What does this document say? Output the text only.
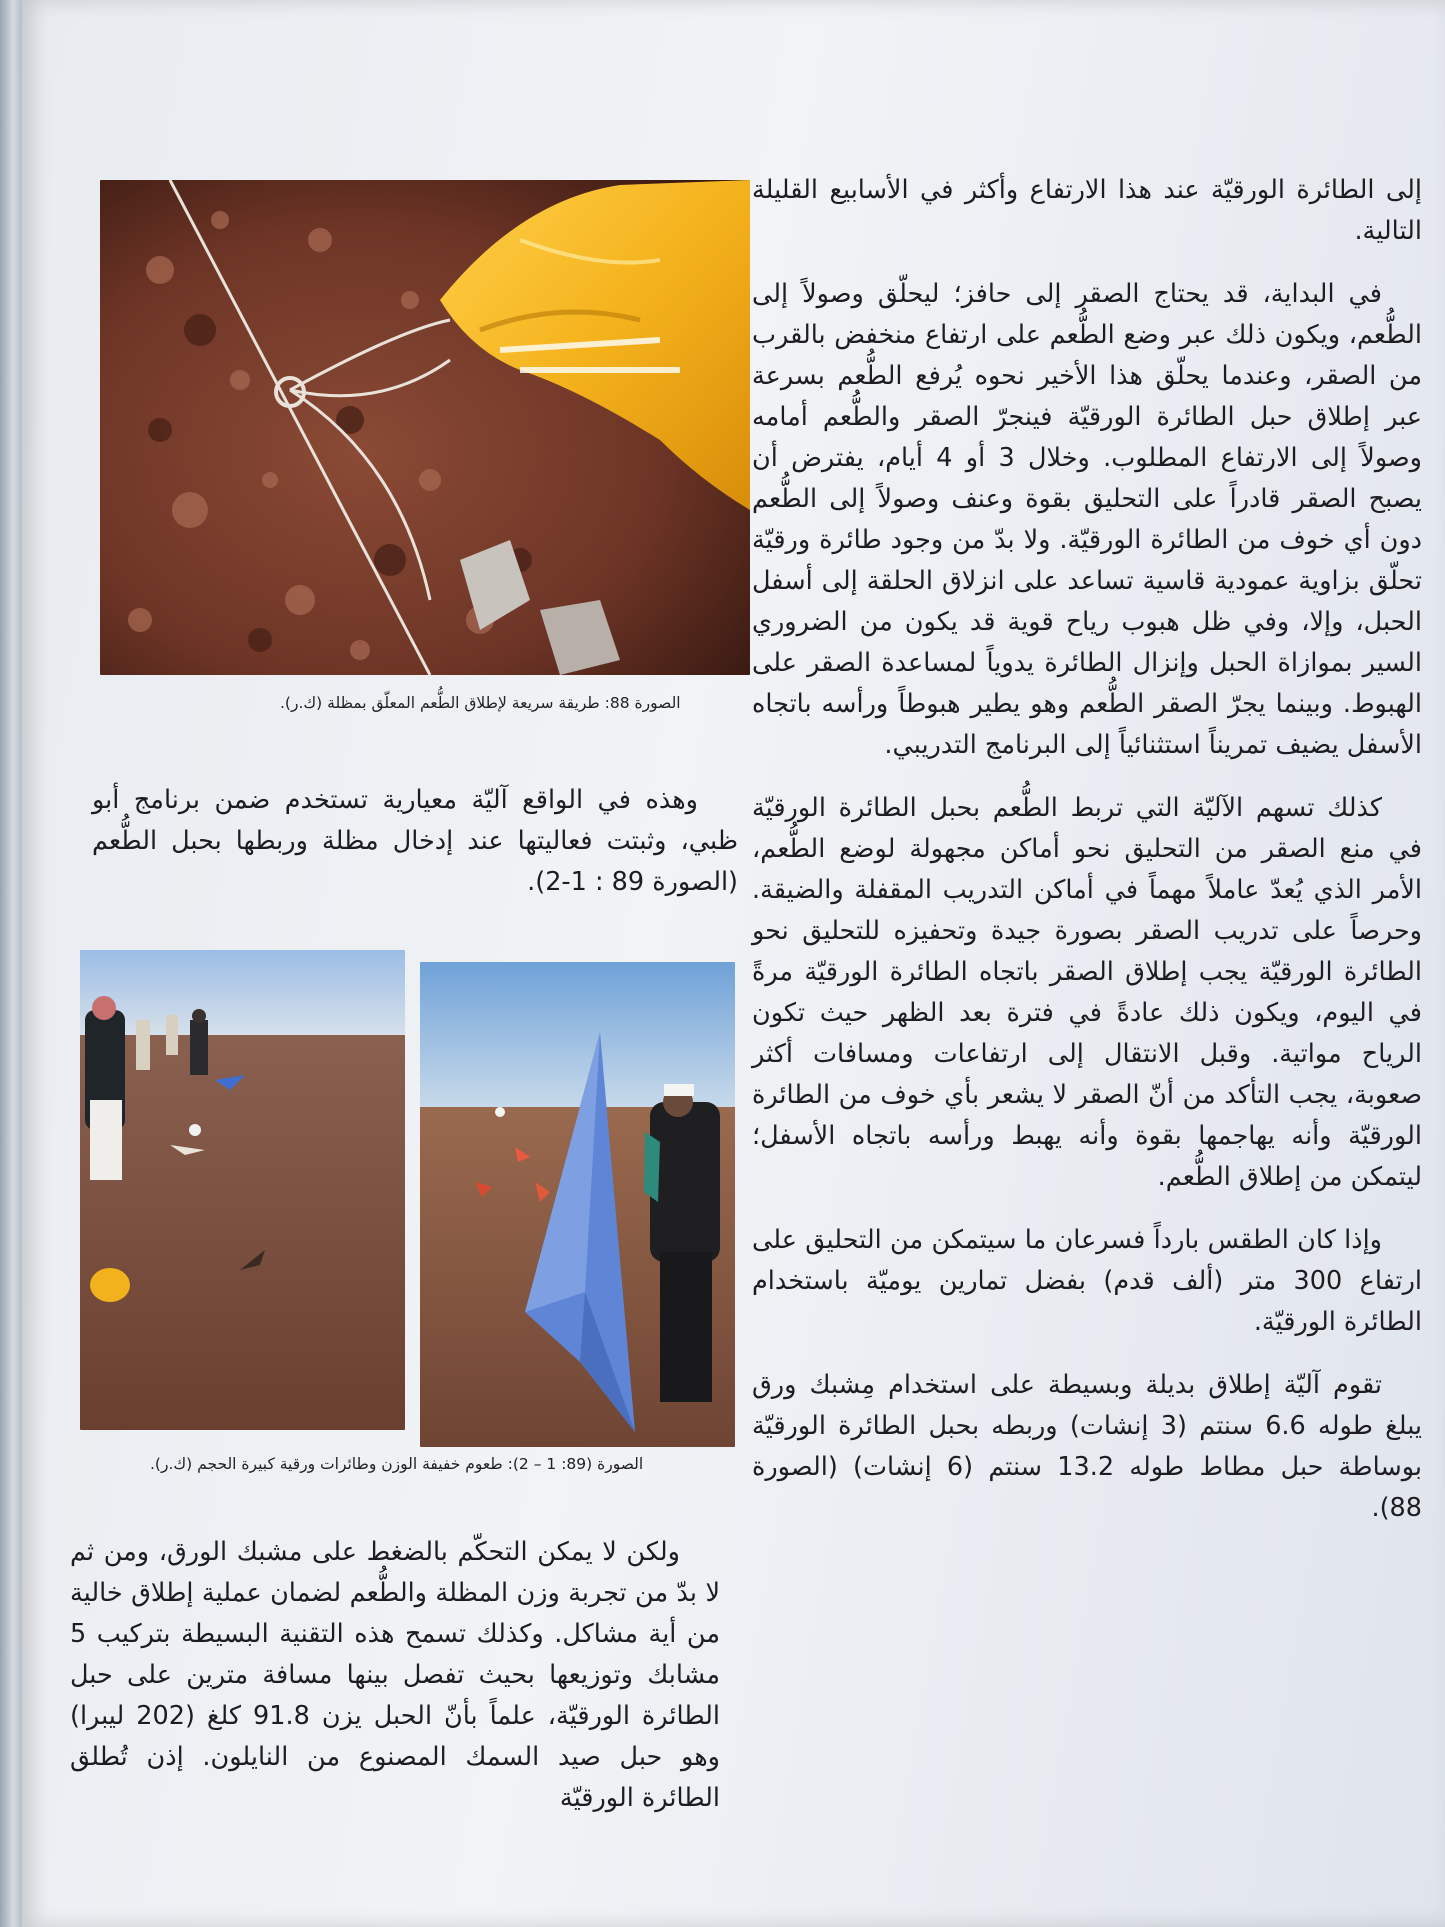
إلى الطائرة الورقيّة عند هذا الارتفاع وأكثر في الأسابيع القليلة التالية.

في البداية، قد يحتاج الصقر إلى حافز؛ ليحلّق وصولاً إلى الطُّعم، ويكون ذلك عبر وضع الطُّعم على ارتفاع منخفض بالقرب من الصقر، وعندما يحلّق هذا الأخير نحوه يُرفع الطُّعم بسرعة عبر إطلاق حبل الطائرة الورقيّة فينجرّ الصقر والطُّعم أمامه وصولاً إلى الارتفاع المطلوب. وخلال 3 أو 4 أيام، يفترض أن يصبح الصقر قادراً على التحليق بقوة وعنف وصولاً إلى الطُّعم دون أي خوف من الطائرة الورقيّة. ولا بدّ من وجود طائرة ورقيّة تحلّق بزاوية عمودية قاسية تساعد على انزلاق الحلقة إلى أسفل الحبل، وإلا، وفي ظل هبوب رياح قوية قد يكون من الضروري السير بموازاة الحبل وإنزال الطائرة يدوياً لمساعدة الصقر على الهبوط. وبينما يجرّ الصقر الطُّعم وهو يطير هبوطاً ورأسه باتجاه الأسفل يضيف تمريناً استثنائياً إلى البرنامج التدريبي.

كذلك تسهم الآليّة التي تربط الطُّعم بحبل الطائرة الورقيّة في منع الصقر من التحليق نحو أماكن مجهولة لوضع الطُّعم، الأمر الذي يُعدّ عاملاً مهماً في أماكن التدريب المقفلة والضيقة. وحرصاً على تدريب الصقر بصورة جيدة وتحفيزه للتحليق نحو الطائرة الورقيّة يجب إطلاق الصقر باتجاه الطائرة الورقيّة مرةً في اليوم، ويكون ذلك عادةً في فترة بعد الظهر حيث تكون الرياح مواتية. وقبل الانتقال إلى ارتفاعات ومسافات أكثر صعوبة، يجب التأكد من أنّ الصقر لا يشعر بأي خوف من الطائرة الورقيّة وأنه يهاجمها بقوة وأنه يهبط ورأسه باتجاه الأسفل؛ ليتمكن من إطلاق الطُّعم.

وإذا كان الطقس بارداً فسرعان ما سيتمكن من التحليق على ارتفاع 300 متر (ألف قدم) بفضل تمارين يوميّة باستخدام الطائرة الورقيّة.

تقوم آليّة إطلاق بديلة وبسيطة على استخدام مِشبك ورق يبلغ طوله 6.6 سنتم (3 إنشات) وربطه بحبل الطائرة الورقيّة بوساطة حبل مطاط طوله 13.2 سنتم (6 إنشات) (الصورة 88).

الصورة 88: طريقة سريعة لإطلاق الطُّعم المعلّق بمظلة (ك.ر).

وهذه في الواقع آليّة معيارية تستخدم ضمن برنامج أبو ظبي، وثبتت فعاليتها عند إدخال مظلة وربطها بحبل الطُّعم (الصورة 89 : 1-2).

الصورة (89: 1 – 2): طعوم خفيفة الوزن وطائرات ورقية كبيرة الحجم (ك.ر).

ولكن لا يمكن التحكّم بالضغط على مشبك الورق، ومن ثم لا بدّ من تجربة وزن المظلة والطُّعم لضمان عملية إطلاق خالية من أية مشاكل. وكذلك تسمح هذه التقنية البسيطة بتركيب 5 مشابك وتوزيعها بحيث تفصل بينها مسافة مترين على حبل الطائرة الورقيّة، علماً بأنّ الحبل يزن 91.8 كلغ (202 ليبرا) وهو حبل صيد السمك المصنوع من النايلون. إذن تُطلق الطائرة الورقيّة
